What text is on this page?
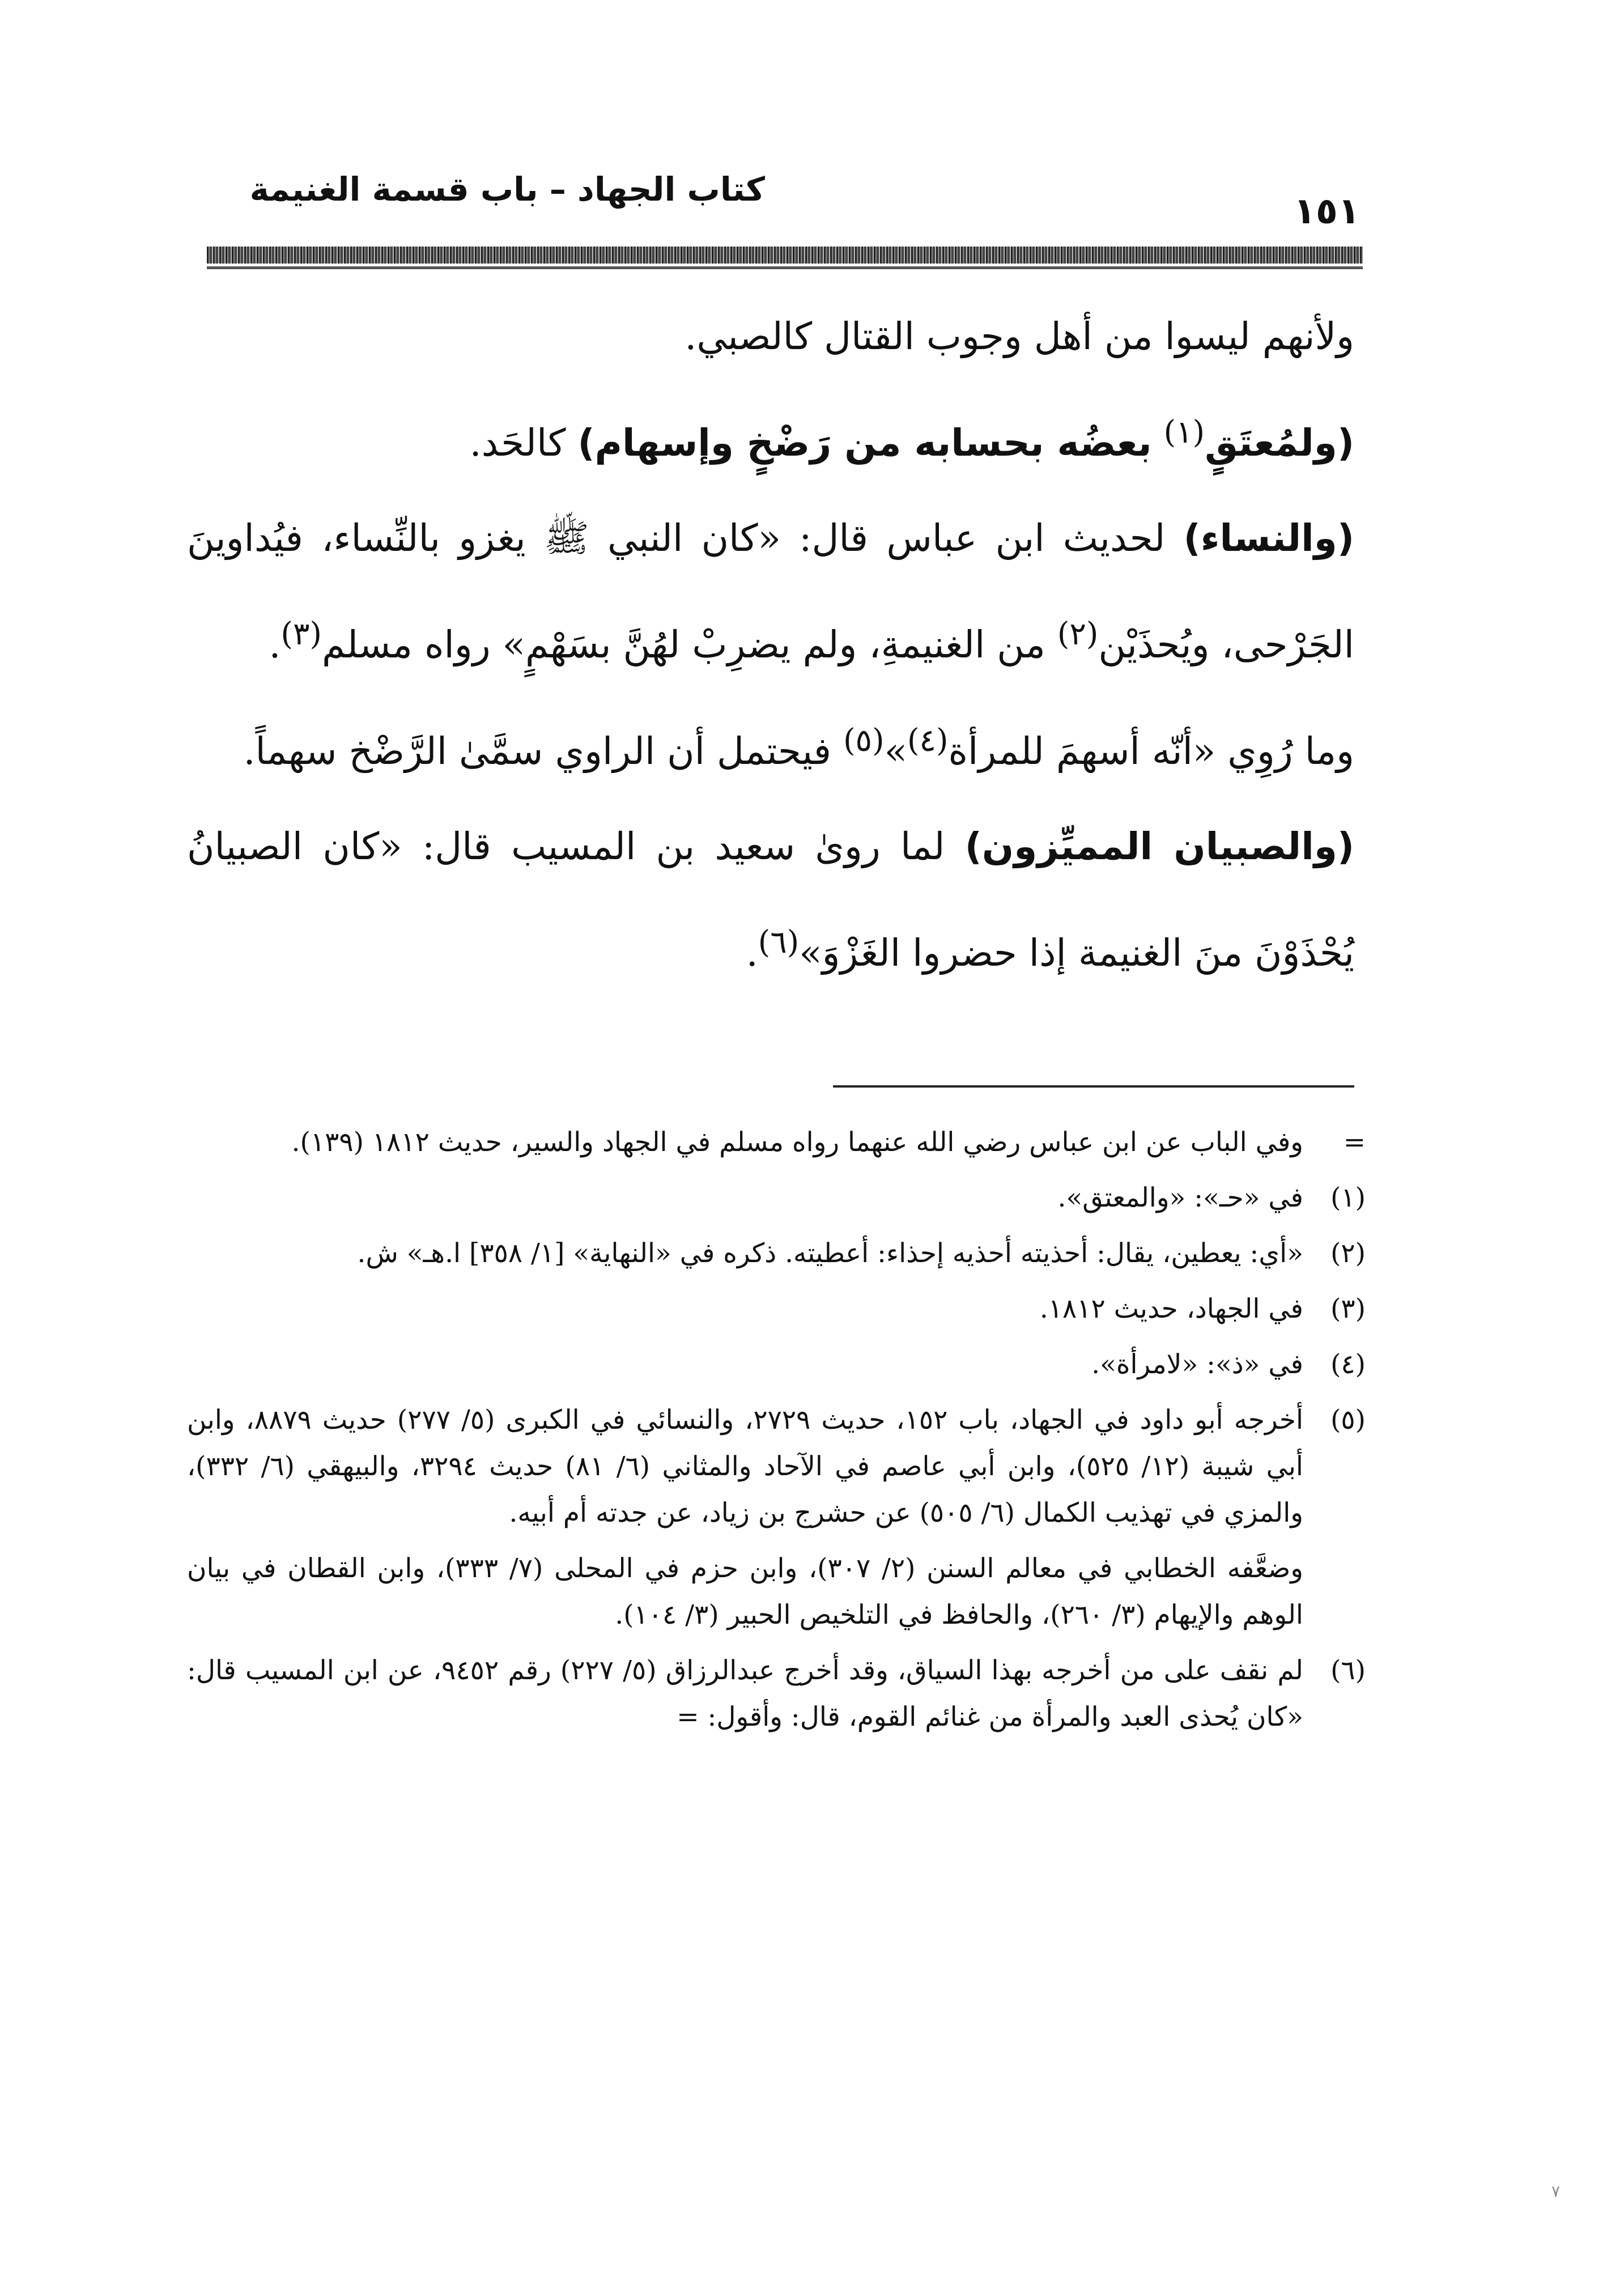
كتاب الجهاد – باب قسمة الغنيمة
١٥١

ولأنهم ليسوا من أهل وجوب القتال كالصبي.

(ولمُعتَقٍ$^{(١)}$ بعضُه بحسابه من رَضْخٍ وإسهام) كالحَد.

(والنساء) لحديث ابن عباس قال: «كان النبي ﷺ يغزو بالنِّساء، فيُداوينَ الجَرْحى، ويُحذَيْن$^{(٢)}$ من الغنيمةِ، ولم يضرِبْ لهُنَّ بسَهْمٍ» رواه مسلم$^{(٣)}$.

وما رُوِي «أنّه أسهمَ للمرأة$^{(٤)}$»$^{(٥)}$ فيحتمل أن الراوي سمَّىٰ الرَّضْخ سهماً.

(والصبيان المميِّزون) لما روىٰ سعيد بن المسيب قال: «كان الصبيانُ يُحْذَوْنَ منَ الغنيمة إذا حضروا الغَزْوَ»$^{(٦)}$.

=
وفي الباب عن ابن عباس رضي الله عنهما رواه مسلم في الجهاد والسير، حديث ١٨١٢ (١٣٩).
(١)
في «حـ»: «والمعتق».
(٢)
«أي: يعطين، يقال: أحذيته أحذيه إحذاء: أعطيته. ذكره في «النهاية» [١/ ٣٥٨] ا.هـ» ش.
(٣)
في الجهاد، حديث ١٨١٢.
(٤)
في «ذ»: «لامرأة».
(٥)
أخرجه أبو داود في الجهاد، باب ١٥٢، حديث ٢٧٢٩، والنسائي في الكبرى (٥/ ٢٧٧) حديث ٨٨٧٩، وابن أبي شيبة (١٢/ ٥٢٥)، وابن أبي عاصم في الآحاد والمثاني (٦/ ٨١) حديث ٣٢٩٤، والبيهقي (٦/ ٣٣٢)، والمزي في تهذيب الكمال (٦/ ٥٠٥) عن حشرج بن زياد، عن جدته أم أبيه.
وضعَّفه الخطابي في معالم السنن (٢/ ٣٠٧)، وابن حزم في المحلى (٧/ ٣٣٣)، وابن القطان في بيان الوهم والإيهام (٣/ ٢٦٠)، والحافظ في التلخيص الحبير (٣/ ١٠٤).
(٦)
لم نقف على من أخرجه بهذا السياق، وقد أخرج عبدالرزاق (٥/ ٢٢٧) رقم ٩٤٥٢، عن ابن المسيب قال: «كان يُحذى العبد والمرأة من غنائم القوم، قال: وأقول: =
٧
